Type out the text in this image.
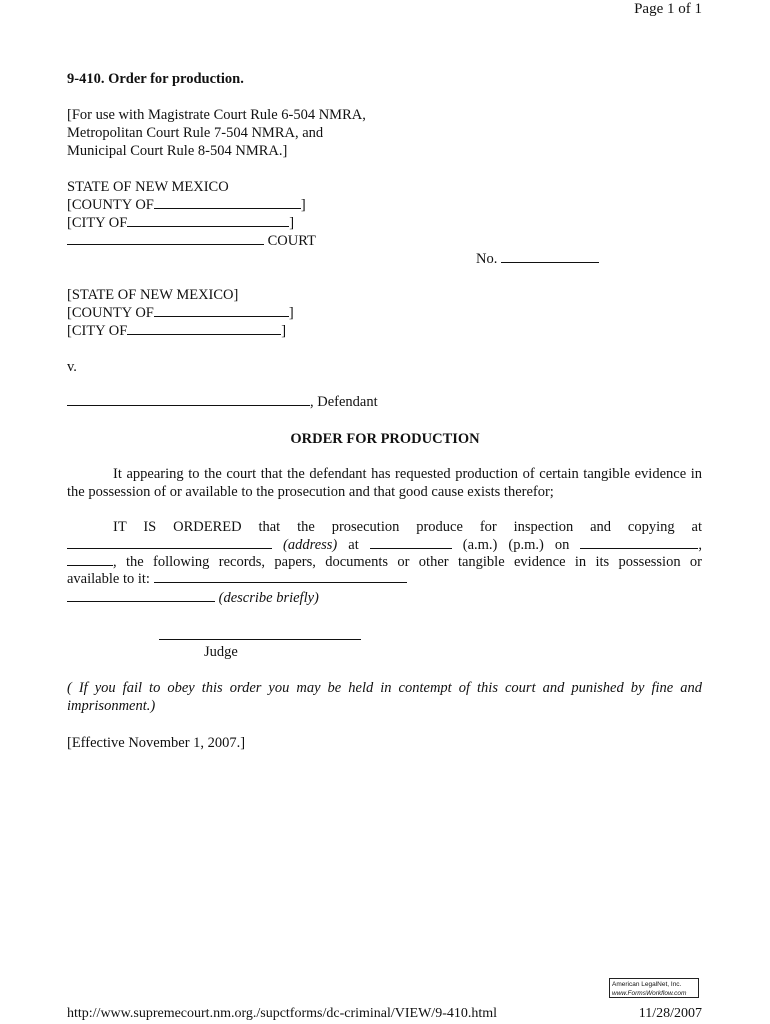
Page 1 of 1
9-410. Order for production.
[For use with Magistrate Court Rule 6-504 NMRA,
Metropolitan Court Rule 7-504 NMRA, and
Municipal Court Rule 8-504 NMRA.]
STATE OF NEW MEXICO
[COUNTY OF	]
[CITY OF	]
COURT
No.
[STATE OF NEW MEXICO]
[COUNTY OF	]
[CITY OF	]
v.
, Defendant
ORDER FOR PRODUCTION
It appearing to the court that the defendant has requested production of certain tangible evidence in the possession of or available to the prosecution and that good cause exists therefor;
IT IS ORDERED that the prosecution produce for inspection and copying at
(address) at	(a.m.) (p.m.) on	,
, the following records, papers, documents or other tangible evidence in its possession or
available to it:
(describe briefly)
Judge
( If you fail to obey this order you may be held in contempt of this court and punished by fine and imprisonment.)
[Effective November 1, 2007.]
American LegalNet, Inc.
www.FormsWorkflow.com
http://www.supremecourt.nm.org./supctforms/dc-criminal/VIEW/9-410.html	11/28/2007
